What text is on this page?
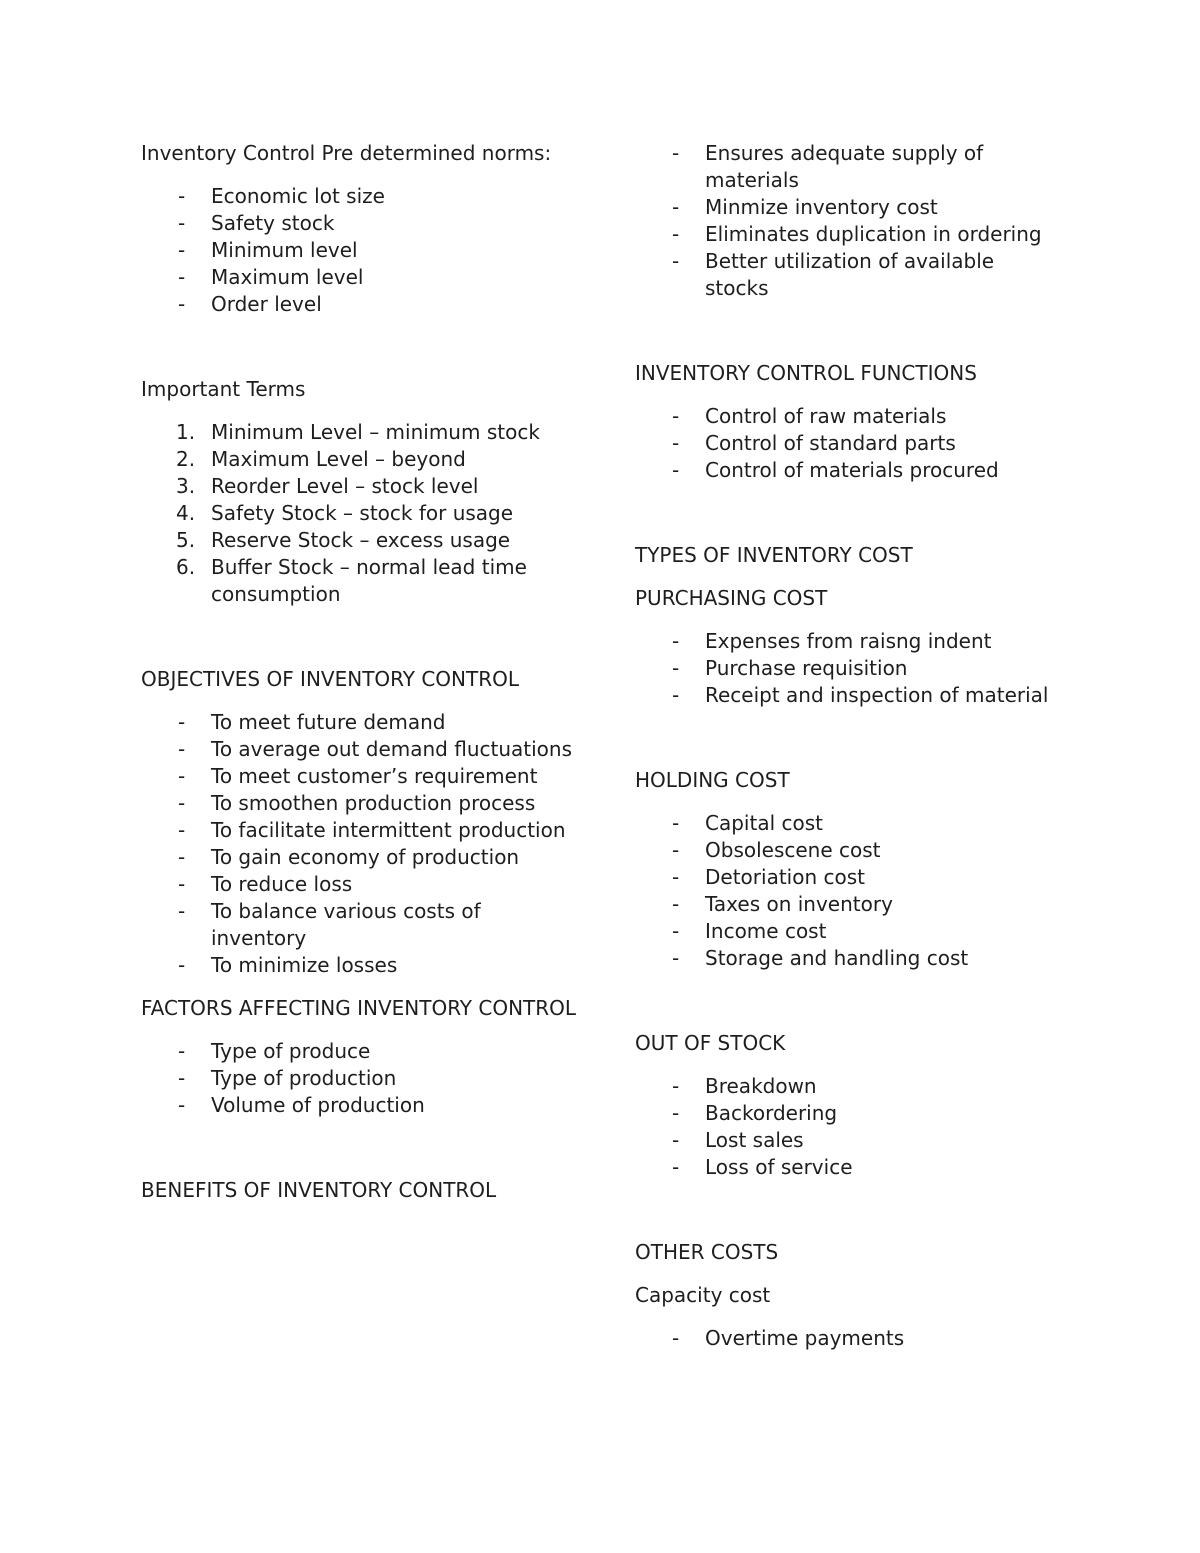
Inventory Control Pre determined norms:

- Economic lot size
- Safety stock
- Minimum level
- Maximum level
- Order level

Important Terms

1. Minimum Level – minimum stock
2. Maximum Level – beyond
3. Reorder Level – stock level
4. Safety Stock – stock for usage
5. Reserve Stock – excess usage
6. Buffer Stock – normal lead time consumption

OBJECTIVES OF INVENTORY CONTROL

- To meet future demand
- To average out demand fluctuations
- To meet customer’s requirement
- To smoothen production process
- To facilitate intermittent production
- To gain economy of production
- To reduce loss
- To balance various costs of inventory
- To minimize losses

FACTORS AFFECTING INVENTORY CONTROL

- Type of produce
- Type of production
- Volume of production

BENEFITS OF INVENTORY CONTROL

- Ensures adequate supply of materials
- Minmize inventory cost
- Eliminates duplication in ordering
- Better utilization of available stocks

INVENTORY CONTROL FUNCTIONS

- Control of raw materials
- Control of standard parts
- Control of materials procured

TYPES OF INVENTORY COST

PURCHASING COST

- Expenses from raisng indent
- Purchase requisition
- Receipt and inspection of material

HOLDING COST

- Capital cost
- Obsolescene cost
- Detoriation cost
- Taxes on inventory
- Income cost
- Storage and handling cost

OUT OF STOCK

- Breakdown
- Backordering
- Lost sales
- Loss of service

OTHER COSTS

Capacity cost

- Overtime payments
